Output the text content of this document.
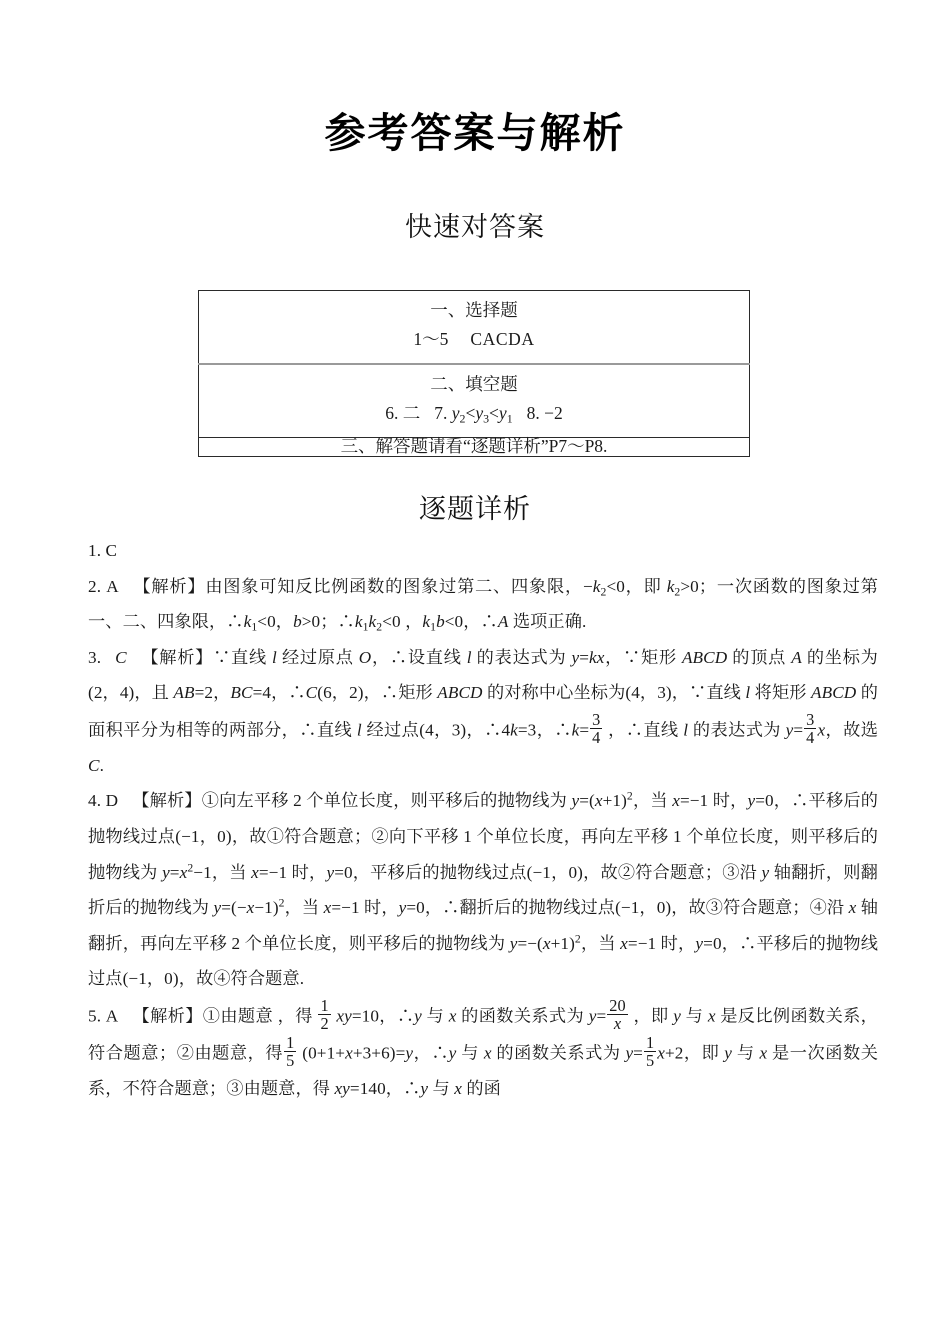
参考答案与解析
快速对答案
一、选择题
1～5 CACDA

二、填空题
6. 二 7. $y_2<y_3<y_1$ 8. −2

三、解答题请看“逐题详析”P7～P8.
逐题详析

1. C

2. A 【解析】由图象可知反比例函数的图象过第二、四象限，$-k_2<0$，即 $k_2>0$；一次函数的图象过第一、二、四象限，$\therefore k_1<0$，b>0；$\therefore k_1k_2<0$ ，$k_1b<0$，∴A 选项正确.

3. C 【解析】∵直线 l 经过原点 O，∴设直线 l 的表达式为 y=kx，∵矩形 ABCD 的顶点 A 的坐标为(2，4)，且 AB=2，BC=4，∴C(6，2)，∴矩形 ABCD 的对称中心坐标为(4，3)，∵直线 l 将矩形 ABCD 的面积平分为相等的两部分，∴直线 l 经过点(4，3)，∴4k=3，∴k= $\frac{3}{4}$ ，∴直线 l 的表达式为 $y= \frac{3}{4}$ x，故选 C.

4. D 【解析】①向左平移 2 个单位长度，则平移后的抛物线为 $y=(x+1)^2$，当 x=−1 时，y=0，∴平移后的抛物线过点(−1，0)，故①符合题意；②向下平移 1 个单位长度，再向左平移 1 个单位长度，则平移后的抛物线为 $y=x^2-1$，当 x=−1 时，y=0，平移后的抛物线过点(−1，0)，故②符合题意；③沿 y 轴翻折，则翻折后的抛物线为 $y=(-x-1)^2$，当 x=−1 时，y=0，∴翻折后的抛物线过点(−1，0)，故③符合题意；④沿 x 轴翻折，再向左平移 2 个单位长度，则平移后的抛物线为 $y=-(x+1)^2$，当 x=−1 时，y=0，∴平移后的抛物线过点(−1，0)，故④符合题意.

5. A 【解析】①由题意 ，得 $\frac{1}{2} xy=10$，∴y 与 x 的函数关系式为 $y= \frac{20}{x}$ ，即 y 与 x 是反比例函数关系，符合题意；②由题意，得 $\frac{1}{5} (0+1+x+3+6)=y$，∴y 与 x 的函数关系式为 $y= \frac{1}{5} x+2$，即 y 与 x 是一次函数关系，不符合题意；③由题意，得 xy=140，∴y 与 x 的函
